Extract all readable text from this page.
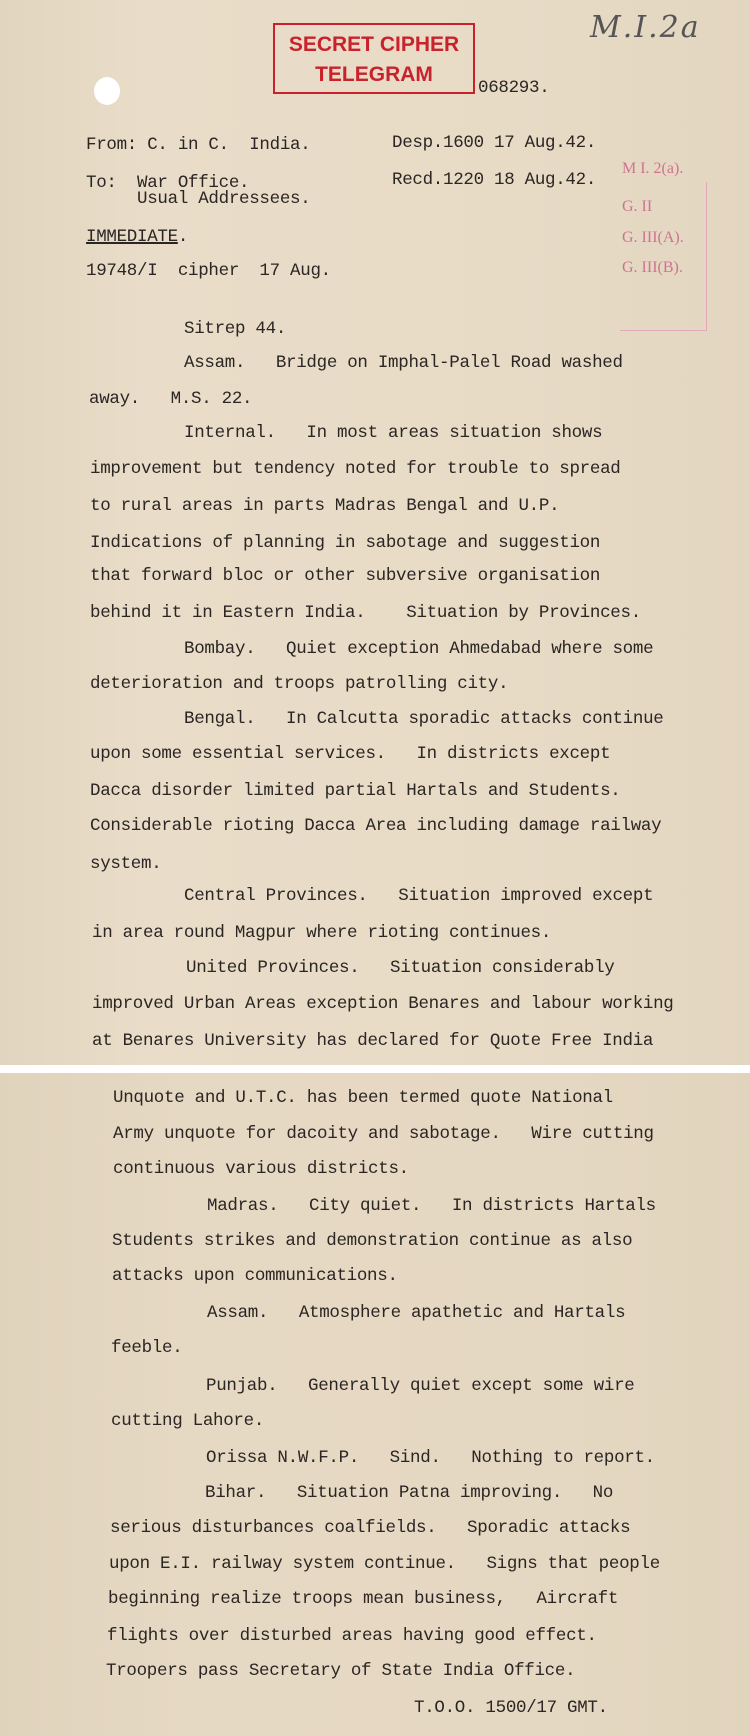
SECRET CIPHER
TELEGRAM
068293.
M.I.2a
From: C. in C.  India.
To:  War Office.
Usual Addressees.
Desp.1600 17 Aug.42.
Recd.1220 18 Aug.42.
IMMEDIATE.
19748/I  cipher  17 Aug.
M I. 2(a).
G. II
G. III(A).
G. III(B).
Sitrep 44.
Assam.   Bridge on Imphal-Palel Road washed
away.   M.S. 22.
Internal.   In most areas situation shows
improvement but tendency noted for trouble to spread
to rural areas in parts Madras Bengal and U.P.
Indications of planning in sabotage and suggestion
that forward bloc or other subversive organisation
behind it in Eastern India.    Situation by Provinces.
Bombay.   Quiet exception Ahmedabad where some
deterioration and troops patrolling city.
Bengal.   In Calcutta sporadic attacks continue
upon some essential services.   In districts except
Dacca disorder limited partial Hartals and Students.
Considerable rioting Dacca Area including damage railway
system.
Central Provinces.   Situation improved except
in area round Magpur where rioting continues.
United Provinces.   Situation considerably
improved Urban Areas exception Benares and labour working
at Benares University has declared for Quote Free India
Unquote and U.T.C. has been termed quote National
Army unquote for dacoity and sabotage.   Wire cutting
continuous various districts.
Madras.   City quiet.   In districts Hartals
Students strikes and demonstration continue as also
attacks upon communications.
Assam.   Atmosphere apathetic and Hartals
feeble.
Punjab.   Generally quiet except some wire
cutting Lahore.
Orissa N.W.F.P.   Sind.   Nothing to report.
Bihar.   Situation Patna improving.   No
serious disturbances coalfields.   Sporadic attacks
upon E.I. railway system continue.   Signs that people
beginning realize troops mean business,   Aircraft
flights over disturbed areas having good effect.
Troopers pass Secretary of State India Office.
T.O.O. 1500/17 GMT.
